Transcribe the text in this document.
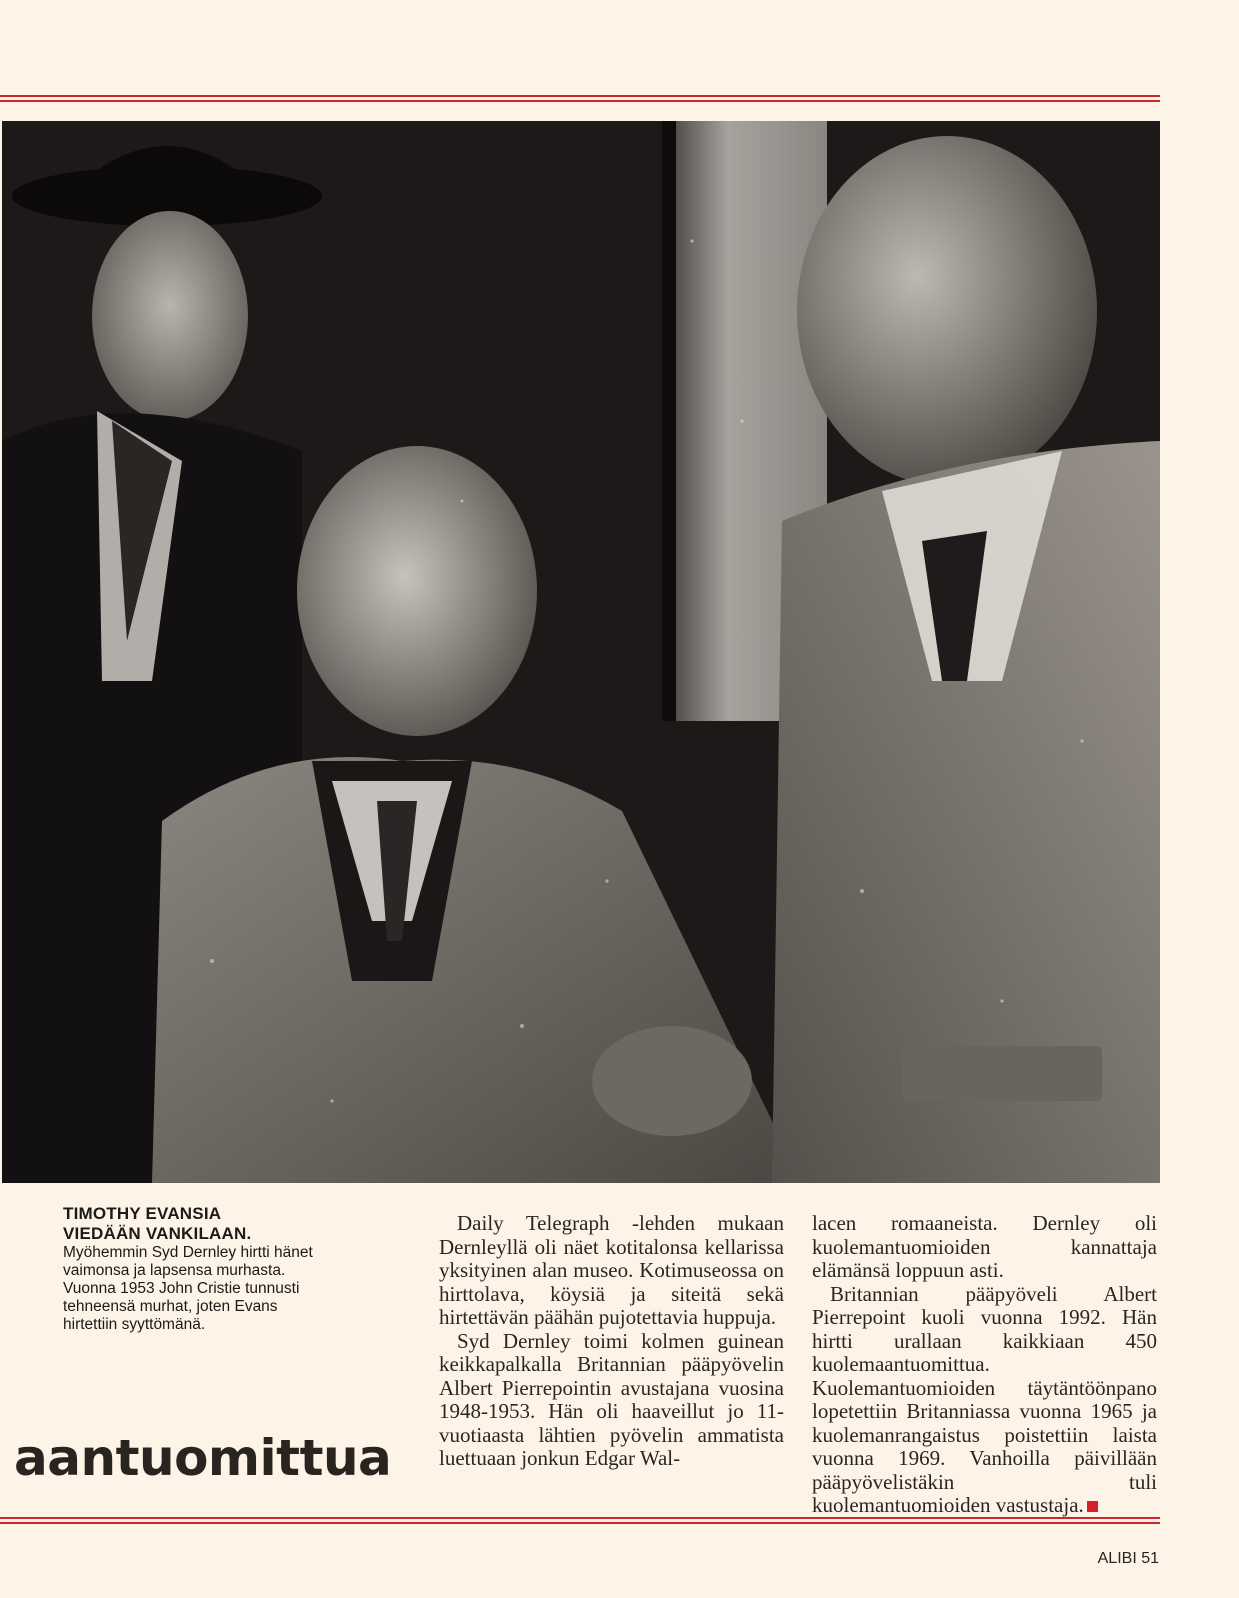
TIMOTHY EVANSIA
VIEDÄÄN VANKILAAN.
Myöhemmin Syd Dernley hirtti hänet vaimonsa ja lapsensa murhasta. Vuonna 1953 John Cristie tunnusti tehneensä murhat, joten Evans hirtettiin syyttömänä.
aantuomittua

Daily Telegraph -lehden mukaan Dernleyllä oli näet kotitalonsa kellarissa yksityinen alan museo. Kotimuseossa on hirttolava, köysiä ja siteitä sekä hirtettävän päähän pujotettavia huppuja.

Syd Dernley toimi kolmen guinean keikkapalkalla Britannian pääpyövelin Albert Pierrepointin avustajana vuosina 1948-1953. Hän oli haaveillut jo 11-vuotiaasta lähtien pyövelin ammatista luettuaan jonkun Edgar Wal-

lacen romaaneista. Dernley oli kuolemantuomioiden kannattaja elämänsä loppuun asti.

Britannian pääpyöveli Albert Pierrepoint kuoli vuonna 1992. Hän hirtti urallaan kaikkiaan 450 kuolemaantuomittua. Kuolemantuomioiden täytäntöönpano lopetettiin Britanniassa vuonna 1965 ja kuolemanrangaistus poistettiin laista vuonna 1969. Vanhoilla päivillään pääpyövelistäkin tuli kuolemantuomioiden vastustaja.

ALIBI 51
